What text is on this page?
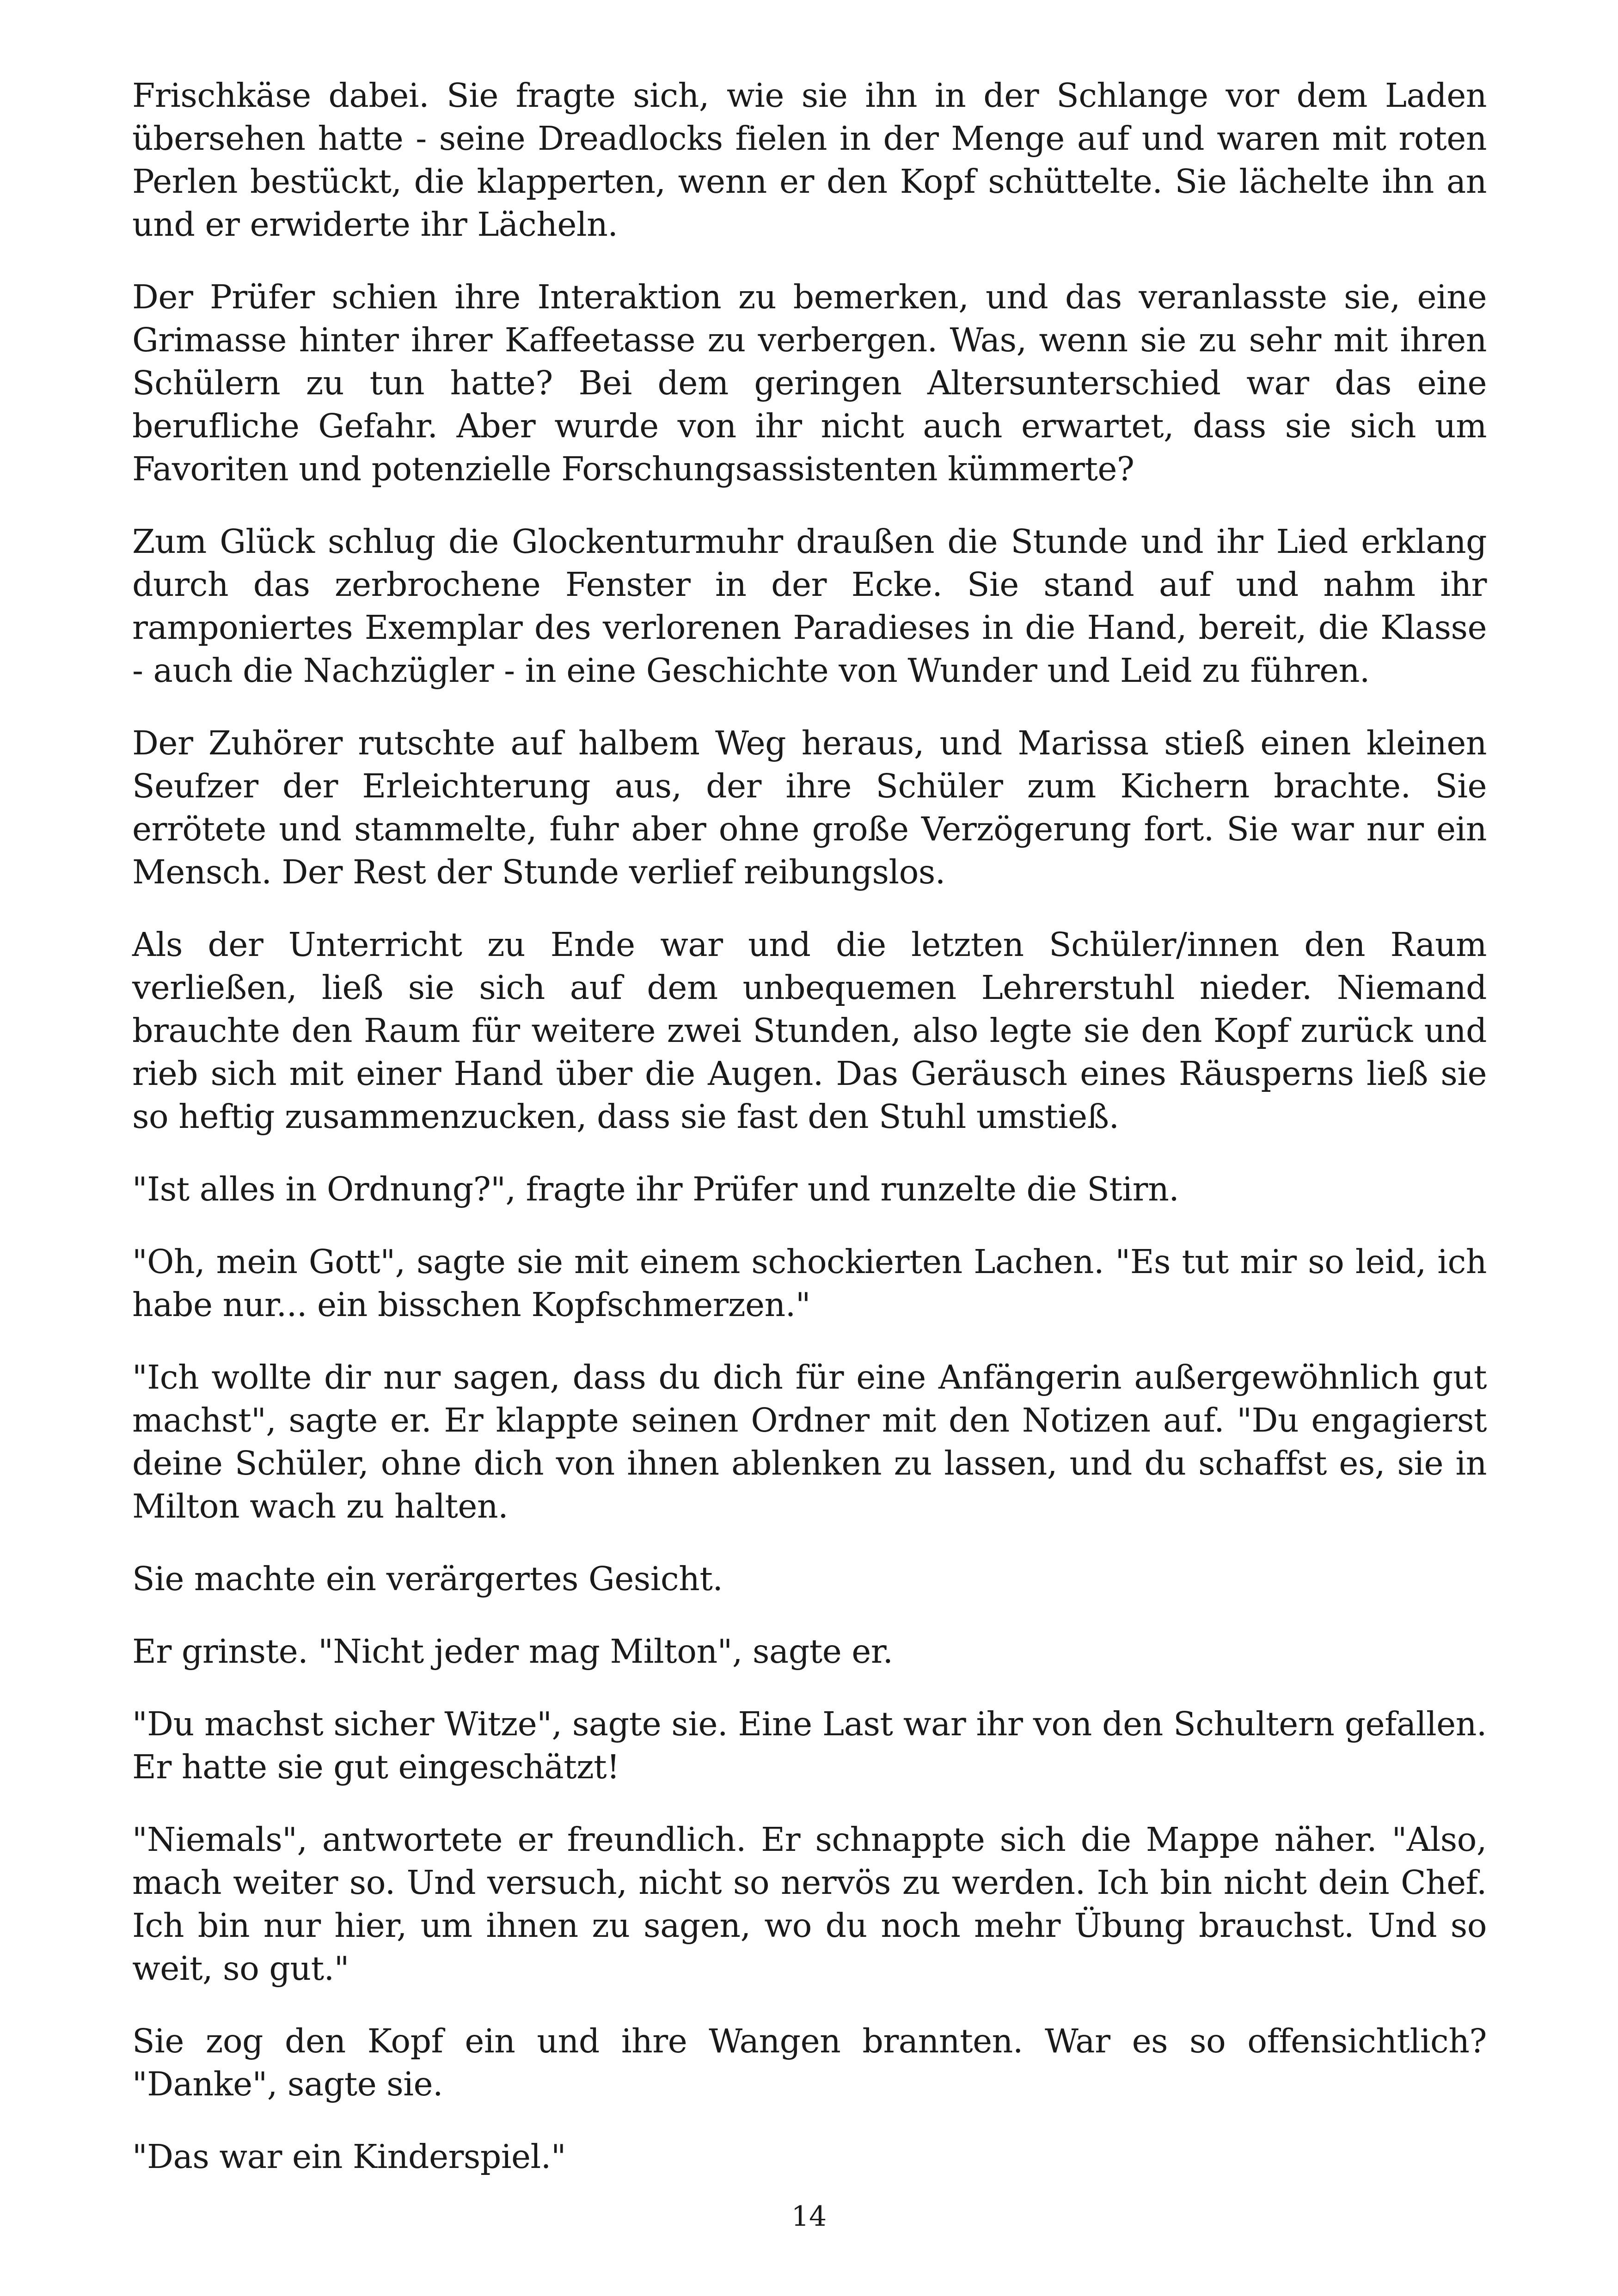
Frischkäse dabei. Sie fragte sich, wie sie ihn in der Schlange vor dem Laden übersehen hatte - seine Dreadlocks fielen in der Menge auf und waren mit roten Perlen bestückt, die klapperten, wenn er den Kopf schüttelte. Sie lächelte ihn an und er erwiderte ihr Lächeln.

Der Prüfer schien ihre Interaktion zu bemerken, und das veranlasste sie, eine Grimasse hinter ihrer Kaffeetasse zu verbergen. Was, wenn sie zu sehr mit ihren Schülern zu tun hatte? Bei dem geringen Altersunterschied war das eine berufliche Gefahr. Aber wurde von ihr nicht auch erwartet, dass sie sich um Favoriten und potenzielle Forschungsassistenten kümmerte?

Zum Glück schlug die Glockenturmuhr draußen die Stunde und ihr Lied erklang durch das zerbrochene Fenster in der Ecke. Sie stand auf und nahm ihr ramponiertes Exemplar des verlorenen Paradieses in die Hand, bereit, die Klasse - auch die Nachzügler - in eine Geschichte von Wunder und Leid zu führen.

Der Zuhörer rutschte auf halbem Weg heraus, und Marissa stieß einen kleinen Seufzer der Erleichterung aus, der ihre Schüler zum Kichern brachte. Sie errötete und stammelte, fuhr aber ohne große Verzögerung fort. Sie war nur ein Mensch. Der Rest der Stunde verlief reibungslos.

Als der Unterricht zu Ende war und die letzten Schüler/innen den Raum verließen, ließ sie sich auf dem unbequemen Lehrerstuhl nieder. Niemand brauchte den Raum für weitere zwei Stunden, also legte sie den Kopf zurück und rieb sich mit einer Hand über die Augen. Das Geräusch eines Räusperns ließ sie so heftig zusammenzucken, dass sie fast den Stuhl umstieß.

"Ist alles in Ordnung?", fragte ihr Prüfer und runzelte die Stirn.

"Oh, mein Gott", sagte sie mit einem schockierten Lachen. "Es tut mir so leid, ich habe nur... ein bisschen Kopfschmerzen."

"Ich wollte dir nur sagen, dass du dich für eine Anfängerin außergewöhnlich gut machst", sagte er. Er klappte seinen Ordner mit den Notizen auf. "Du engagierst deine Schüler, ohne dich von ihnen ablenken zu lassen, und du schaffst es, sie in Milton wach zu halten.

Sie machte ein verärgertes Gesicht.

Er grinste. "Nicht jeder mag Milton", sagte er.

"Du machst sicher Witze", sagte sie. Eine Last war ihr von den Schultern gefallen. Er hatte sie gut eingeschätzt!

"Niemals", antwortete er freundlich. Er schnappte sich die Mappe näher. "Also, mach weiter so. Und versuch, nicht so nervös zu werden. Ich bin nicht dein Chef. Ich bin nur hier, um ihnen zu sagen, wo du noch mehr Übung brauchst. Und so weit, so gut."

Sie zog den Kopf ein und ihre Wangen brannten. War es so offensichtlich? "Danke", sagte sie.

"Das war ein Kinderspiel."

14
